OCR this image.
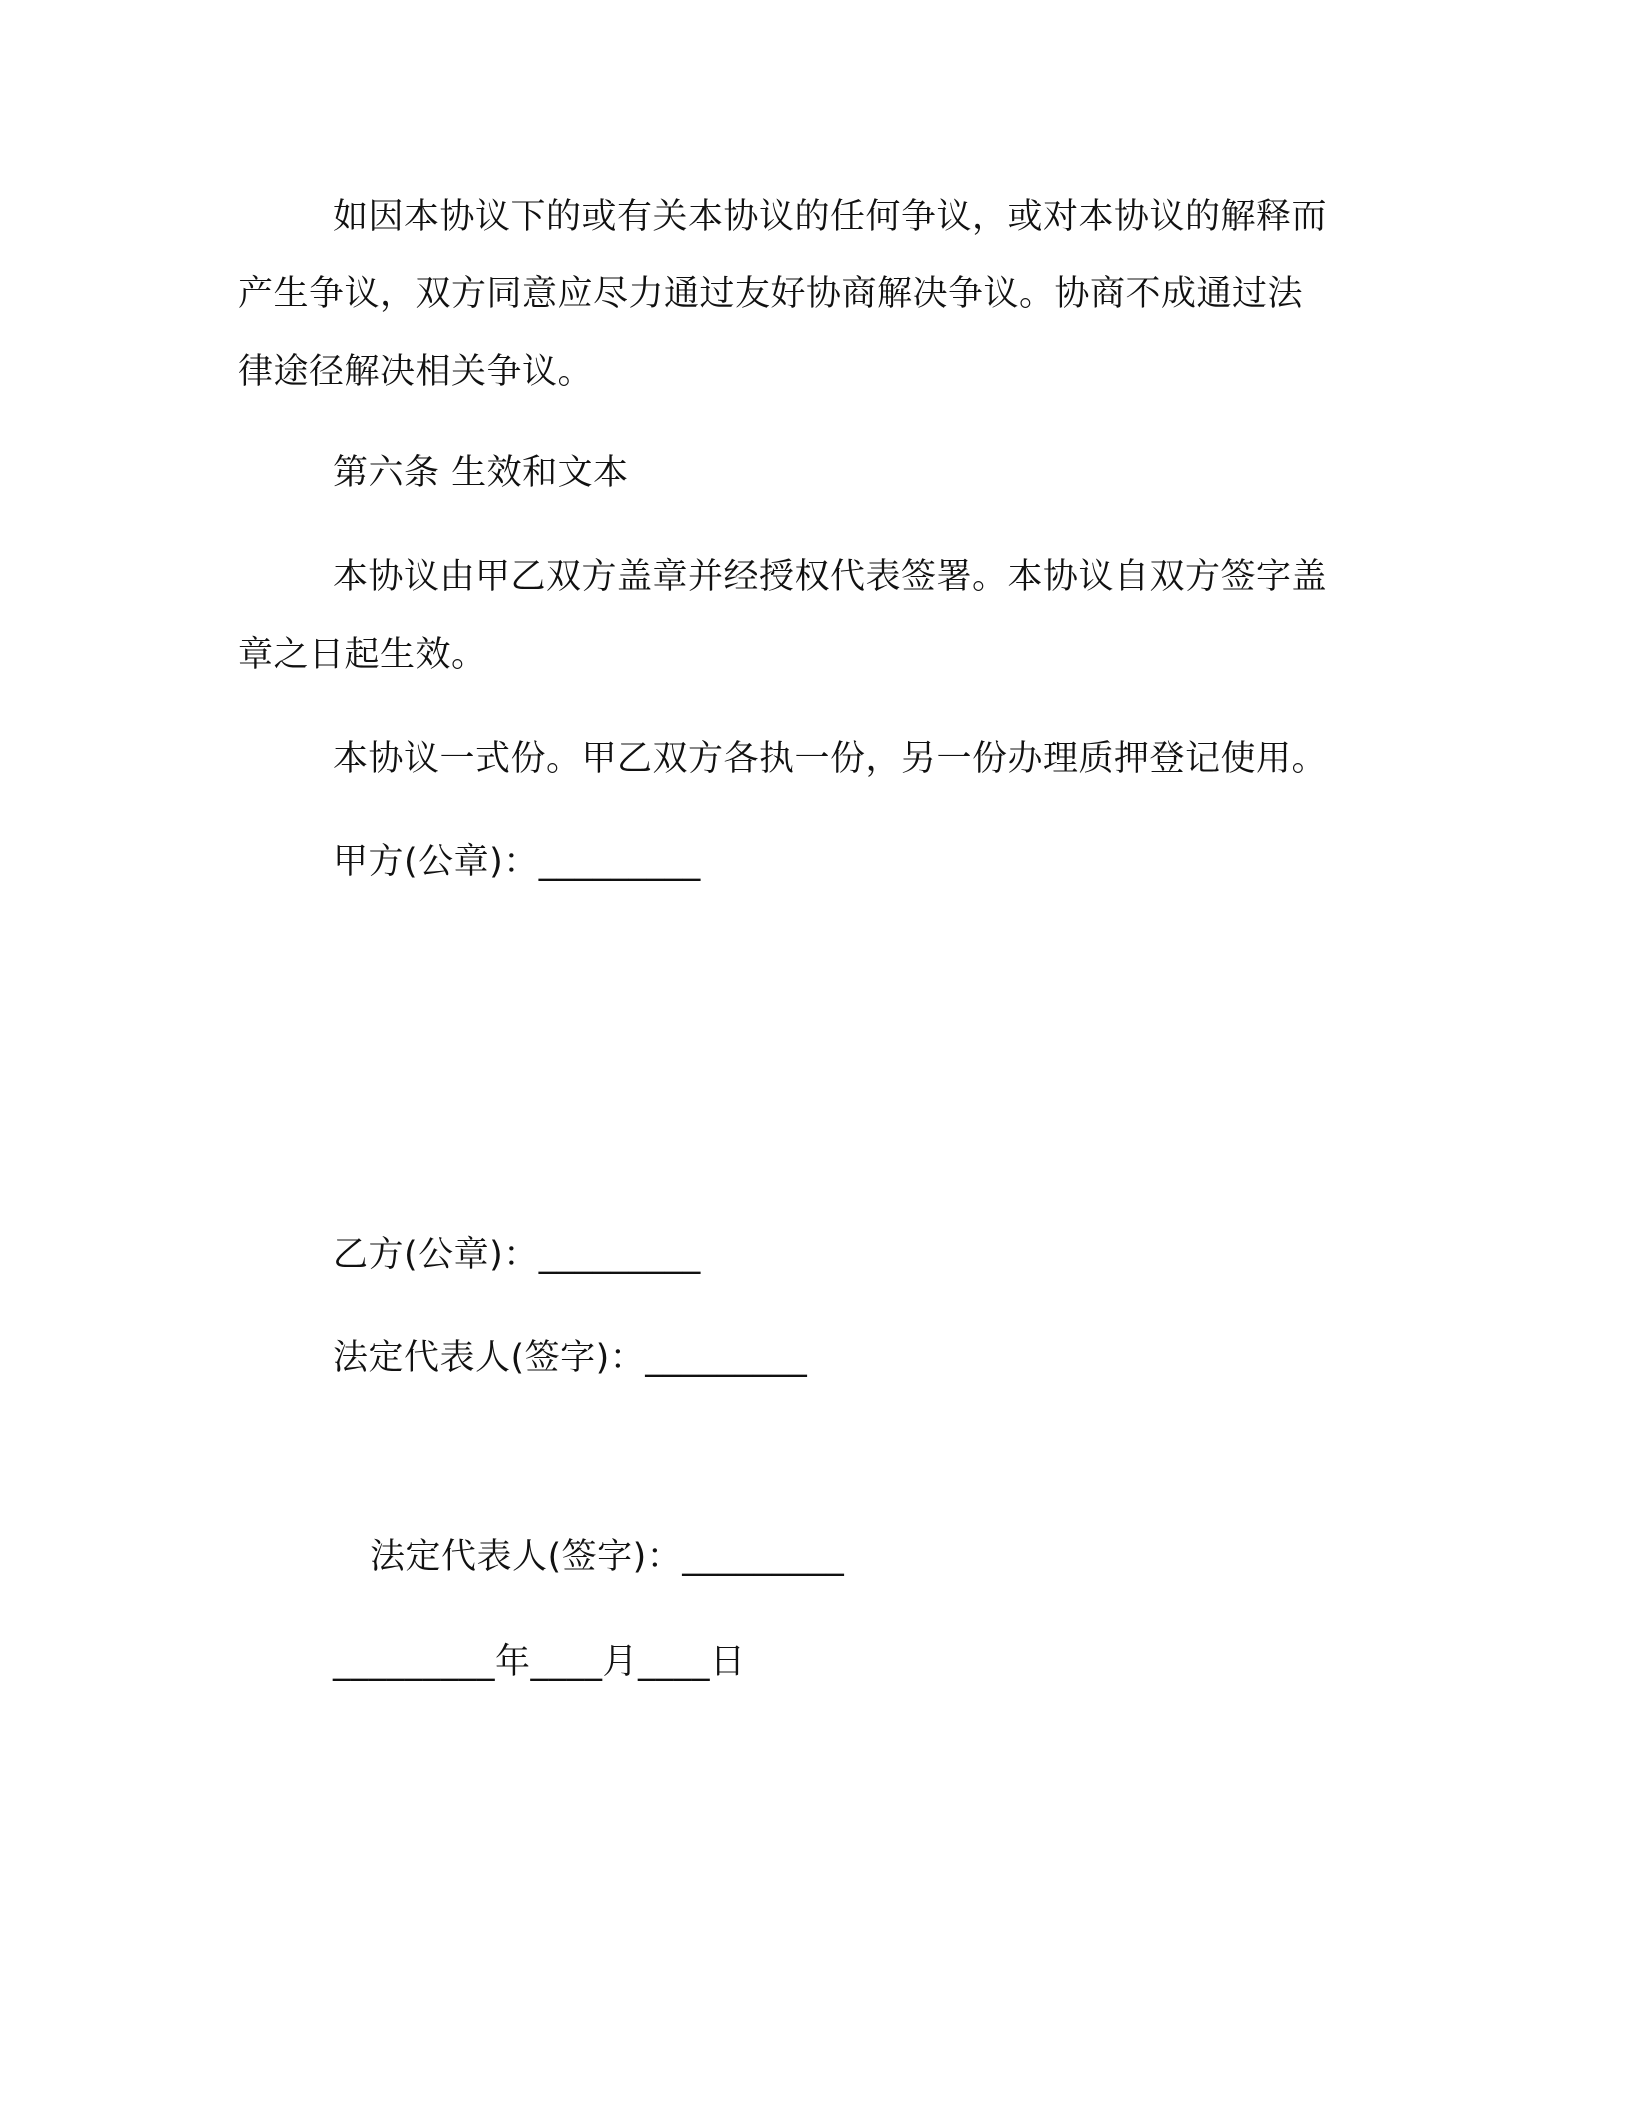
如因本协议下的或有关本协议的任何争议，或对本协议的解释而
产生争议，双方同意应尽力通过友好协商解决争议。协商不成通过法
律途径解决相关争议。
第六条 生效和文本
本协议由甲乙双方盖章并经授权代表签署。本协议自双方签字盖
章之日起生效。
本协议一式份。甲乙双方各执一份，另一份办理质押登记使用。
甲方(公章)：_________
乙方(公章)：_________
法定代表人(签字)：_________
法定代表人(签字)：_________
_________年____月____日
